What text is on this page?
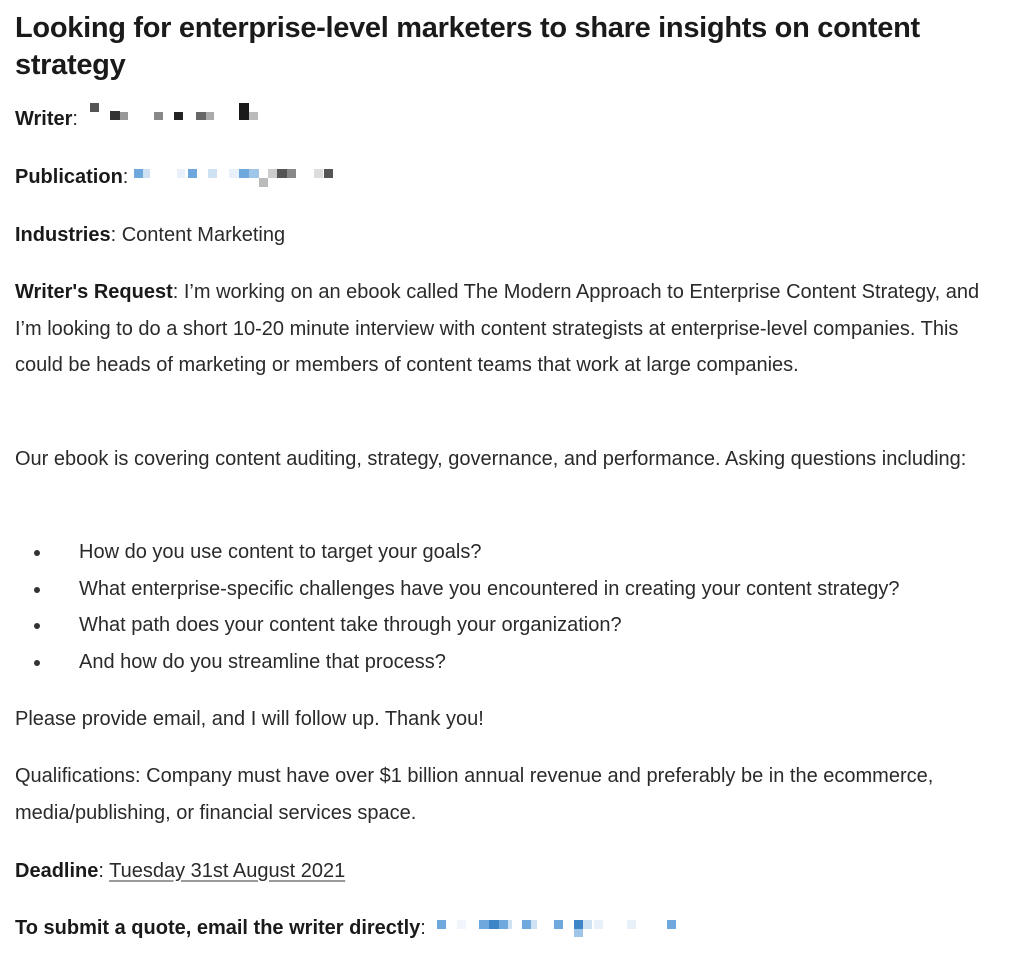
Looking for enterprise-level marketers to share insights on content strategy
Writer:
Publication:
Industries: Content Marketing

Writer's Request: I’m working on an ebook called The Modern Approach to Enterprise Content Strategy, and I’m looking to do a short 10-20 minute interview with content strategists at enterprise-level companies. This could be heads of marketing or members of content teams that work at large companies.

Our ebook is covering content auditing, strategy, governance, and performance. Asking questions including:

How do you use content to target your goals?
What enterprise-specific challenges have you encountered in creating your content strategy?
What path does your content take through your organization?
And how do you streamline that process?

Please provide email, and I will follow up. Thank you!

Qualifications: Company must have over $1 billion annual revenue and preferably be in the ecommerce, media/publishing, or financial services space.

Deadline: Tuesday 31st August 2021
To submit a quote, email the writer directly:
